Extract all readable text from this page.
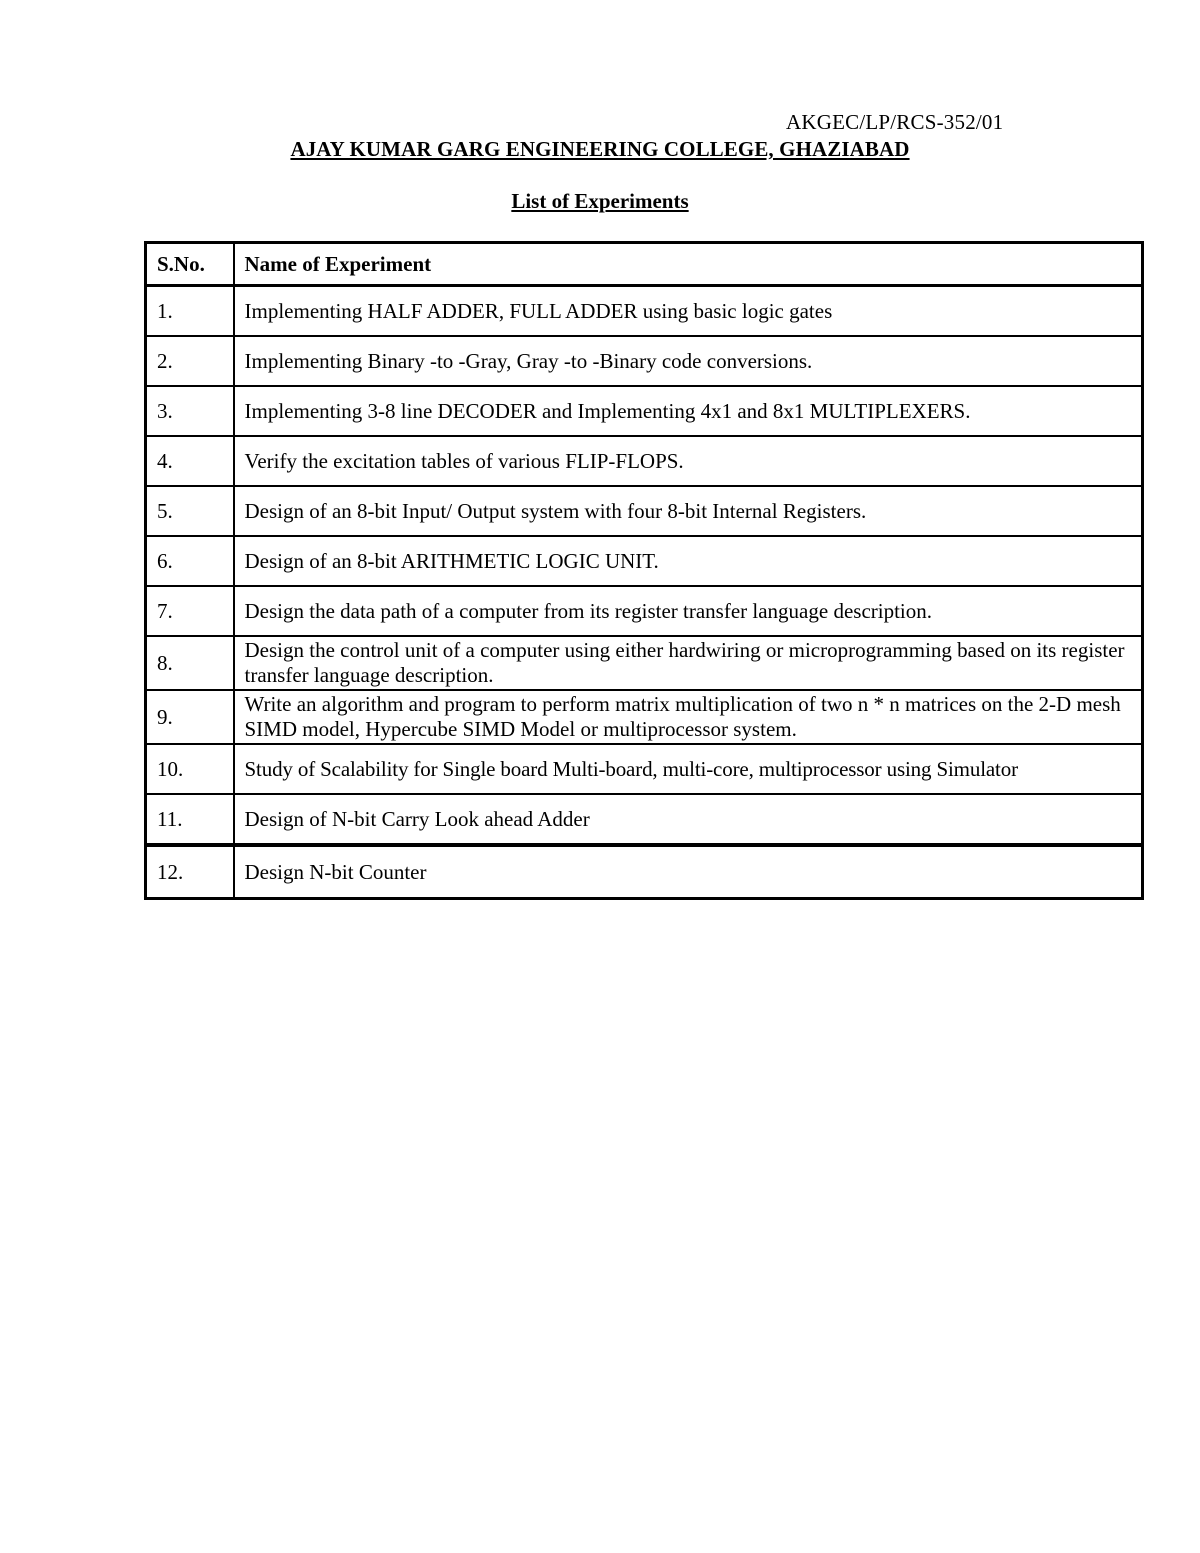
AKGEC/LP/RCS-352/01
AJAY KUMAR GARG ENGINEERING COLLEGE, GHAZIABAD
List of Experiments
S.No.	Name of Experiment
1.	Implementing HALF ADDER, FULL ADDER using basic logic gates
2.	Implementing Binary -to -Gray, Gray -to -Binary code conversions.
3.	Implementing 3-8 line DECODER and Implementing 4x1 and 8x1 MULTIPLEXERS.
4.	Verify the excitation tables of various FLIP-FLOPS.
5.	Design of an 8-bit Input/ Output system with four 8-bit Internal Registers.
6.	Design of an 8-bit ARITHMETIC LOGIC UNIT.
7.	Design the data path of a computer from its register transfer language description.
8.	Design the control unit of a computer using either hardwiring or microprogramming based on its register transfer language description.
9.	Write an algorithm and program to perform matrix multiplication of two n * n matrices on the 2-D mesh SIMD model, Hypercube SIMD Model or multiprocessor system.
10.	Study of Scalability for Single board Multi-board, multi-core, multiprocessor using Simulator
11.	Design of N-bit Carry Look ahead Adder
12.	Design N-bit Counter
